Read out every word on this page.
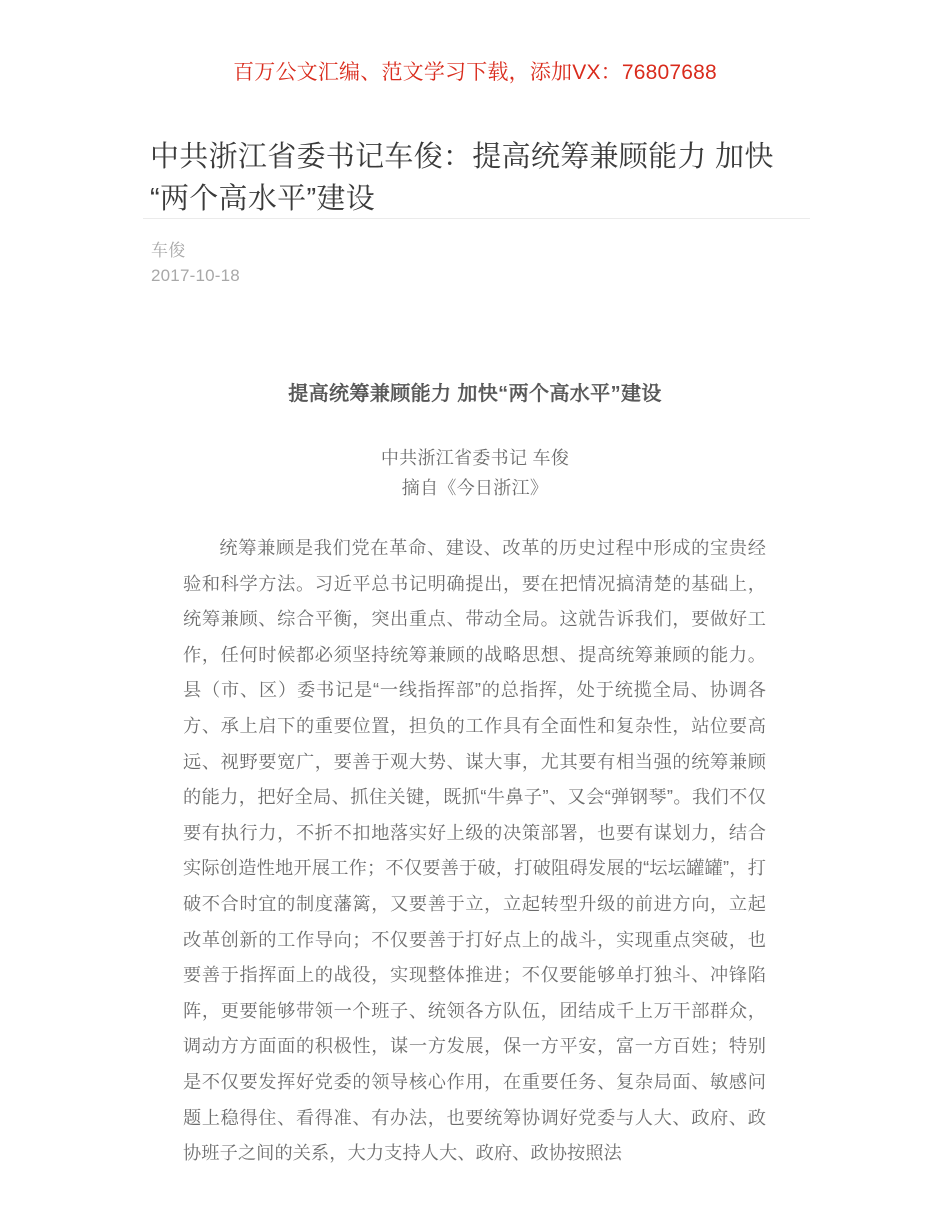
百万公文汇编、范文学习下载，添加VX：76807688
中共浙江省委书记车俊：提高统筹兼顾能力 加快“两个高水平”建设
车俊
2017-10-18
提高统筹兼顾能力 加快“两个高水平”建设
中共浙江省委书记 车俊
摘自《今日浙江》

统筹兼顾是我们党在革命、建设、改革的历史过程中形成的宝贵经验和科学方法。习近平总书记明确提出，要在把情况搞清楚的基础上，统筹兼顾、综合平衡，突出重点、带动全局。这就告诉我们，要做好工作，任何时候都必须坚持统筹兼顾的战略思想、提高统筹兼顾的能力。县（市、区）委书记是“一线指挥部”的总指挥，处于统揽全局、协调各方、承上启下的重要位置，担负的工作具有全面性和复杂性，站位要高远、视野要宽广，要善于观大势、谋大事，尤其要有相当强的统筹兼顾的能力，把好全局、抓住关键，既抓“牛鼻子”、又会“弹钢琴”。我们不仅要有执行力，不折不扣地落实好上级的决策部署，也要有谋划力，结合实际创造性地开展工作；不仅要善于破，打破阻碍发展的“坛坛罐罐”，打破不合时宜的制度藩篱，又要善于立，立起转型升级的前进方向，立起改革创新的工作导向；不仅要善于打好点上的战斗，实现重点突破，也要善于指挥面上的战役，实现整体推进；不仅要能够单打独斗、冲锋陷阵，更要能够带领一个班子、统领各方队伍，团结成千上万干部群众，调动方方面面的积极性，谋一方发展，保一方平安，富一方百姓；特别是不仅要发挥好党委的领导核心作用，在重要任务、复杂局面、敏感问题上稳得住、看得准、有办法，也要统筹协调好党委与人大、政府、政协班子之间的关系，大力支持人大、政府、政协按照法
